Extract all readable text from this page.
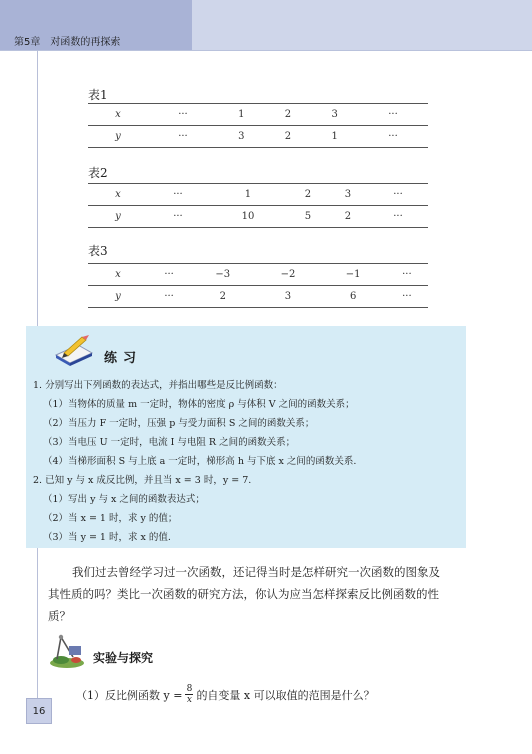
第5章　对函数的再探索
表1
x	···	1	2	3	···
y	···	3	2	1	···
表2
x	···	1	2	3	···
y	···	10	5	2	···
表3
x	···	−3	−2	−1	···
y	···	2	3	6	···
练习
1. 分别写出下列函数的表达式，并指出哪些是反比例函数：
（1）当物体的质量 m 一定时，物体的密度 ρ 与体积 V 之间的函数关系；
（2）当压力 F 一定时，压强 p 与受力面积 S 之间的函数关系；
（3）当电压 U 一定时，电流 I 与电阻 R 之间的函数关系；
（4）当梯形面积 S 与上底 a 一定时，梯形高 h 与下底 x 之间的函数关系.
2. 已知 y 与 x 成反比例，并且当 x = 3 时，y = 7.
（1）写出 y 与 x 之间的函数表达式；
（2）当 x = 1 时，求 y 的值；
（3）当 y = 1 时，求 x 的值.
我们过去曾经学习过一次函数，还记得当时是怎样研究一次函数的图象及
其性质的吗？类比一次函数的研究方法，你认为应当怎样探索反比例函数的性
质？
实验与探究
（1）反比例函数 $y = \frac{8}{x}$ 的自变量 x 可以取值的范围是什么？
16
